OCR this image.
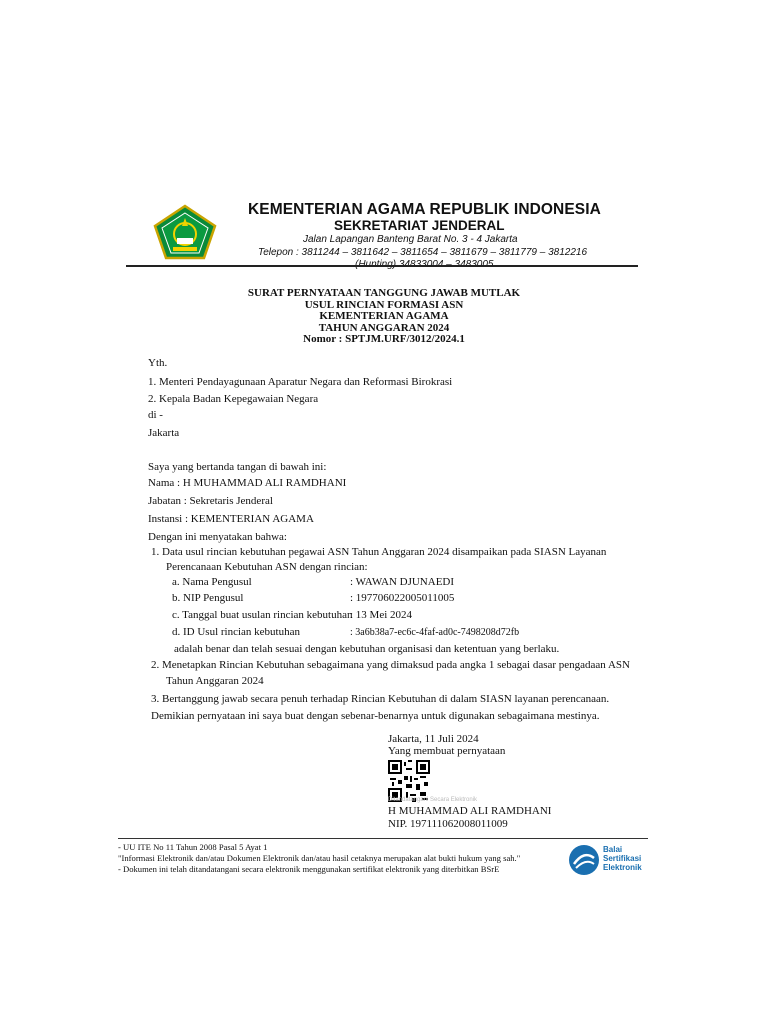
KEMENTERIAN AGAMA REPUBLIK INDONESIA
SEKRETARIAT JENDERAL
Jalan Lapangan Banteng Barat No. 3 - 4 Jakarta
Telepon : 3811244 – 3811642 – 3811654 – 3811679 – 3811779 – 3812216
SURAT PERNYATAAN TANGGUNG JAWAB MUTLAK
USUL RINCIAN FORMASI ASN
KEMENTERIAN AGAMA
TAHUN ANGGARAN 2024
Nomor : SPTJM.URF/3012/2024.1
Yth.
1. Menteri Pendayagunaan Aparatur Negara dan Reformasi Birokrasi
2. Kepala Badan Kepegawaian Negara
di -
Jakarta
Saya yang bertanda tangan di bawah ini:
Nama : H MUHAMMAD ALI RAMDHANI
Jabatan : Sekretaris Jenderal
Instansi : KEMENTERIAN AGAMA
Dengan ini menyatakan bahwa:
1. Data usul rincian kebutuhan pegawai ASN Tahun Anggaran 2024 disampaikan pada SIASN Layanan
Perencanaan Kebutuhan ASN dengan rincian:
a. Nama Pengusul	: WAWAN DJUNAEDI
b. NIP Pengusul	: 197706022005011005
c. Tanggal buat usulan rincian kebutuhan
: 13 Mei 2024
d. ID Usul rincian kebutuhan	: 3a6b38a7-ec6c-4faf-ad0c-7498208d72fb
adalah benar dan telah sesuai dengan kebutuhan organisasi dan ketentuan yang berlaku.
2. Menetapkan Rincian Kebutuhan sebagaimana yang dimaksud pada angka 1 sebagai dasar pengadaan ASN
Tahun Anggaran 2024
3. Bertanggung jawab secara penuh terhadap Rincian Kebutuhan di dalam SIASN layanan perencanaan.
Demikian pernyataan ini saya buat dengan sebenar-benarnya untuk digunakan sebagaimana mestinya.
Jakarta, 11 Juli 2024
Yang membuat pernyataan
Ditandatangani Secara Elektronik
H MUHAMMAD ALI RAMDHANI
NIP. 197111062008011009
- UU ITE No 11 Tahun 2008 Pasal 5 Ayat 1
"Informasi Elektronik dan/atau Dokumen Elektronik dan/atau hasil cetaknya merupakan alat bukti hukum yang sah."
- Dokumen ini telah ditandatangani secara elektronik menggunakan sertifikat elektronik yang diterbitkan BSrE
Balai
Sertifikasi
Elektronik
